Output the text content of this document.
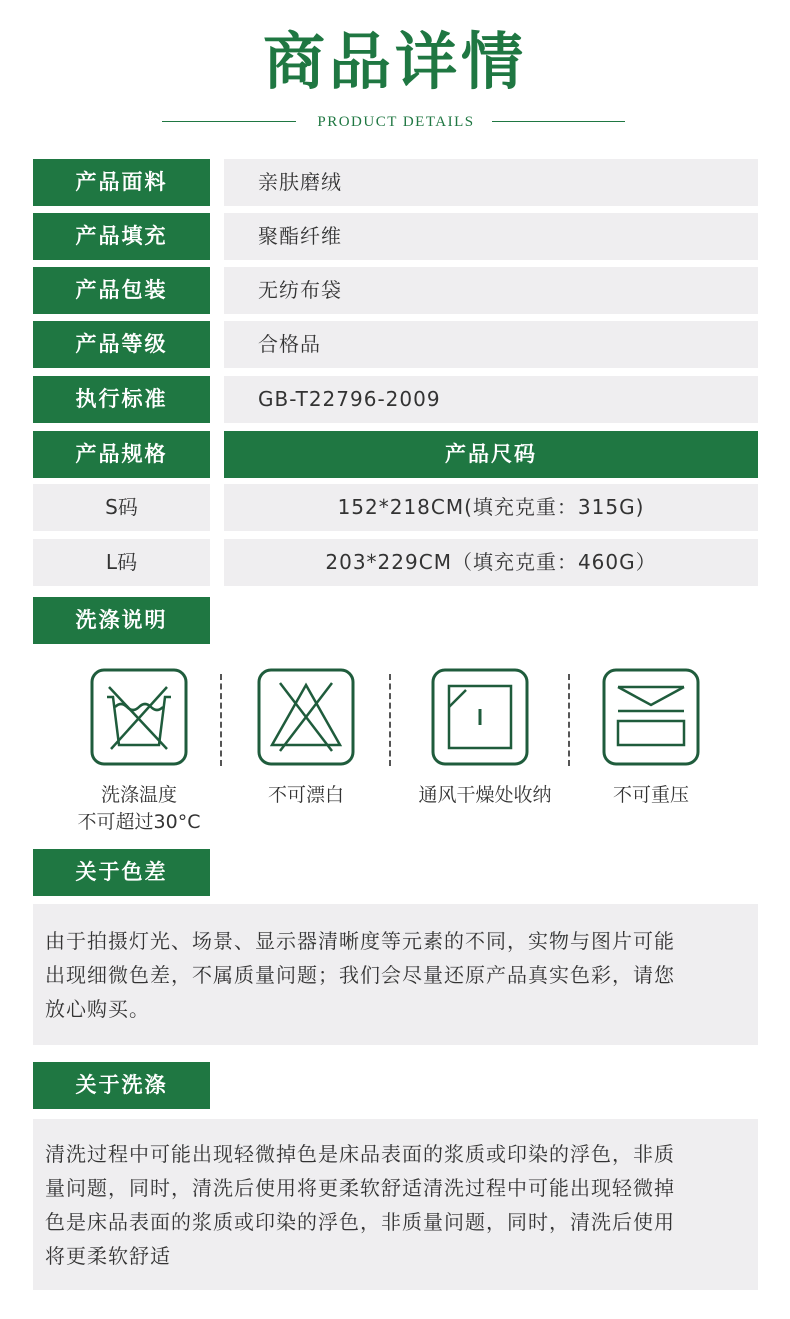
商品详情
PRODUCT DETAILS
产品面料	亲肤磨绒
产品填充	聚酯纤维
产品包装	无纺布袋
产品等级	合格品
执行标准	GB-T22796-2009
产品规格	产品尺码
S码	152*218CM(填充克重：315G)
L码	203*229CM（填充克重：460G）
洗涤说明
洗涤温度
不可超过30°C
不可漂白	通风干燥处收纳	不可重压
关于色差
由于拍摄灯光、场景、显示器清晰度等元素的不同，实物与图片可能
出现细微色差，不属质量问题；我们会尽量还原产品真实色彩，请您
放心购买。
关于洗涤
清洗过程中可能出现轻微掉色是床品表面的浆质或印染的浮色，非质
量问题，同时，清洗后使用将更柔软舒适清洗过程中可能出现轻微掉
色是床品表面的浆质或印染的浮色，非质量问题，同时，清洗后使用
将更柔软舒适
